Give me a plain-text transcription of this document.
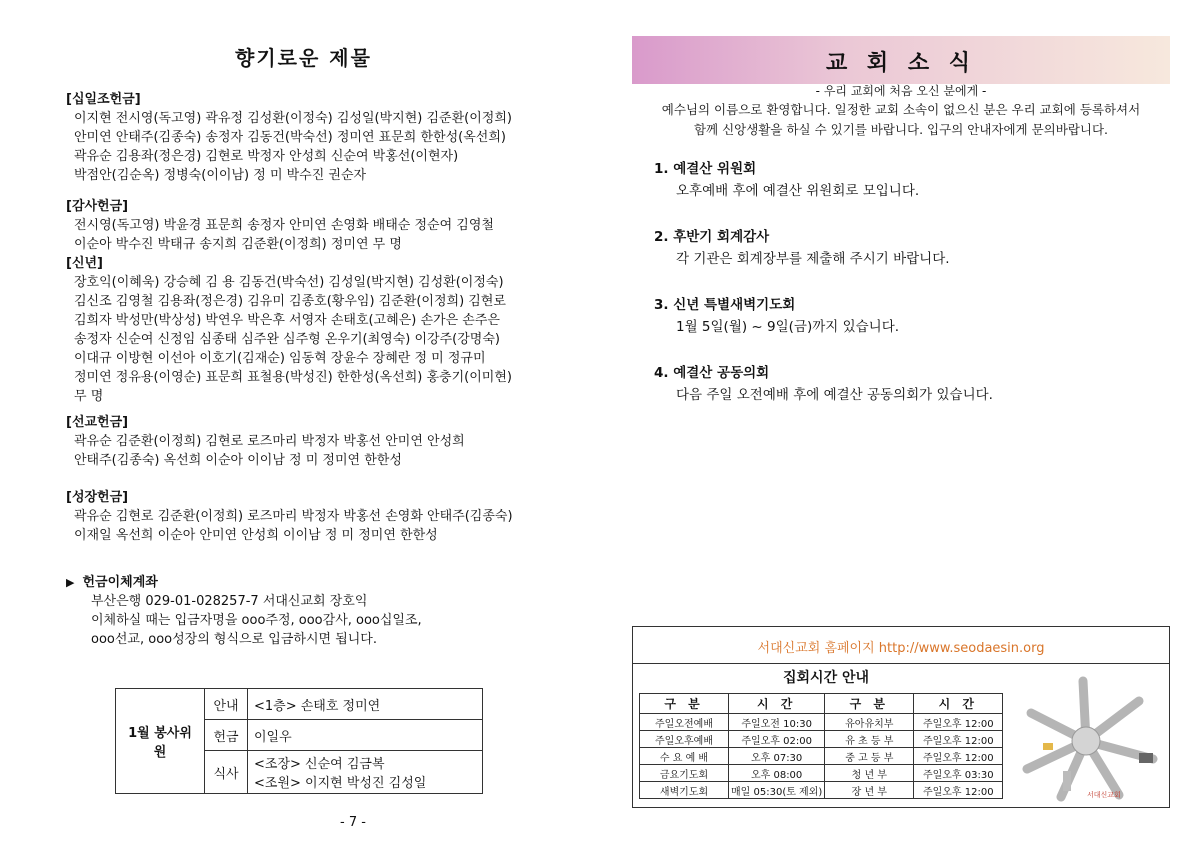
향기로운 제물
[십일조헌금]
이지현 전시영(독고영) 곽유정 김성환(이정숙) 김성일(박지현) 김준환(이정희)
안미연 안태주(김종숙) 송정자 김동건(박숙선) 정미연 표문희 한한성(옥선희)
곽유순 김용좌(정은경) 김현로 박정자 안성희 신순여 박홍선(이현자)
박점안(김순옥) 정병숙(이이남) 정 미 박수진 권순자
[감사헌금]
전시영(독고영) 박윤경 표문희 송정자 안미연 손영화 배태순 정순여 김영철
이순아 박수진 박태규 송지희 김준환(이정희) 정미연 무 명
[신년]
장호익(이혜욱) 강승혜 김 용 김동건(박숙선) 김성일(박지현) 김성환(이정숙)
김신조 김영철 김용좌(정은경) 김유미 김종호(황우임) 김준환(이정희) 김현로
김희자 박성만(박상성) 박연우 박은후 서영자 손태호(고혜은) 손가은 손주은
송정자 신순여 신정임 심종태 심주완 심주형 온우기(최영숙) 이강주(강명숙)
이대규 이방현 이선아 이호기(김재순) 임동혁 장윤수 장혜란 정 미 정규미
정미연 정유용(이영순) 표문희 표철용(박성진) 한한성(옥선희) 홍충기(이미현)
무 명
[선교헌금]
곽유순 김준환(이정희) 김현로 로즈마리 박정자 박홍선 안미연 안성희
안태주(김종숙) 옥선희 이순아 이이남 정 미 정미연 한한성
[성장헌금]
곽유순 김현로 김준환(이정희) 로즈마리 박정자 박홍선 손영화 안태주(김종숙)
이재일 옥선희 이순아 안미연 안성희 이이남 정 미 정미연 한한성
▶ 헌금이체계좌
부산은행 029-01-028257-7 서대신교회 장호익
이체하실 때는 입금자명을 ooo주정, ooo감사, ooo십일조,
ooo선교, ooo성장의 형식으로 입금하시면 됩니다.
1월 봉사위원	안내	<1층> 손태호 정미연
	헌금	이일우
	식사	<조장> 신순여 김금복
<조원> 이지현 박성진 김성일
- 7 -
교 회 소 식
- 우리 교회에 처음 오신 분에게 -
예수님의 이름으로 환영합니다. 일정한 교회 소속이 없으신 분은 우리 교회에 등록하셔서
함께 신앙생활을 하실 수 있기를 바랍니다. 입구의 안내자에게 문의바랍니다.
1. 예결산 위원회
오후예배 후에 예결산 위원회로 모입니다.
2. 후반기 회계감사
각 기관은 회계장부를 제출해 주시기 바랍니다.
3. 신년 특별새벽기도회
1월 5일(월) ~ 9일(금)까지 있습니다.
4. 예결산 공동의회
다음 주일 오전예배 후에 예결산 공동의회가 있습니다.
서대신교회 홈페이지 http://www.seodaesin.org
집회시간 안내
구 분	시 간	구 분	시 간
주일오전예배	주일오전 10:30	유아유치부	주일오후 12:00
주일오후예배	주일오후 02:00	유 초 등 부	주일오후 12:00
수 요 예 배	오후 07:30	중 고 등 부	주일오후 12:00
금요기도회	오후 08:00	청 년 부	주일오후 03:30
새벽기도회	매일 05:30(토 제외)	장 년 부	주일오후 12:00	서대신교회
